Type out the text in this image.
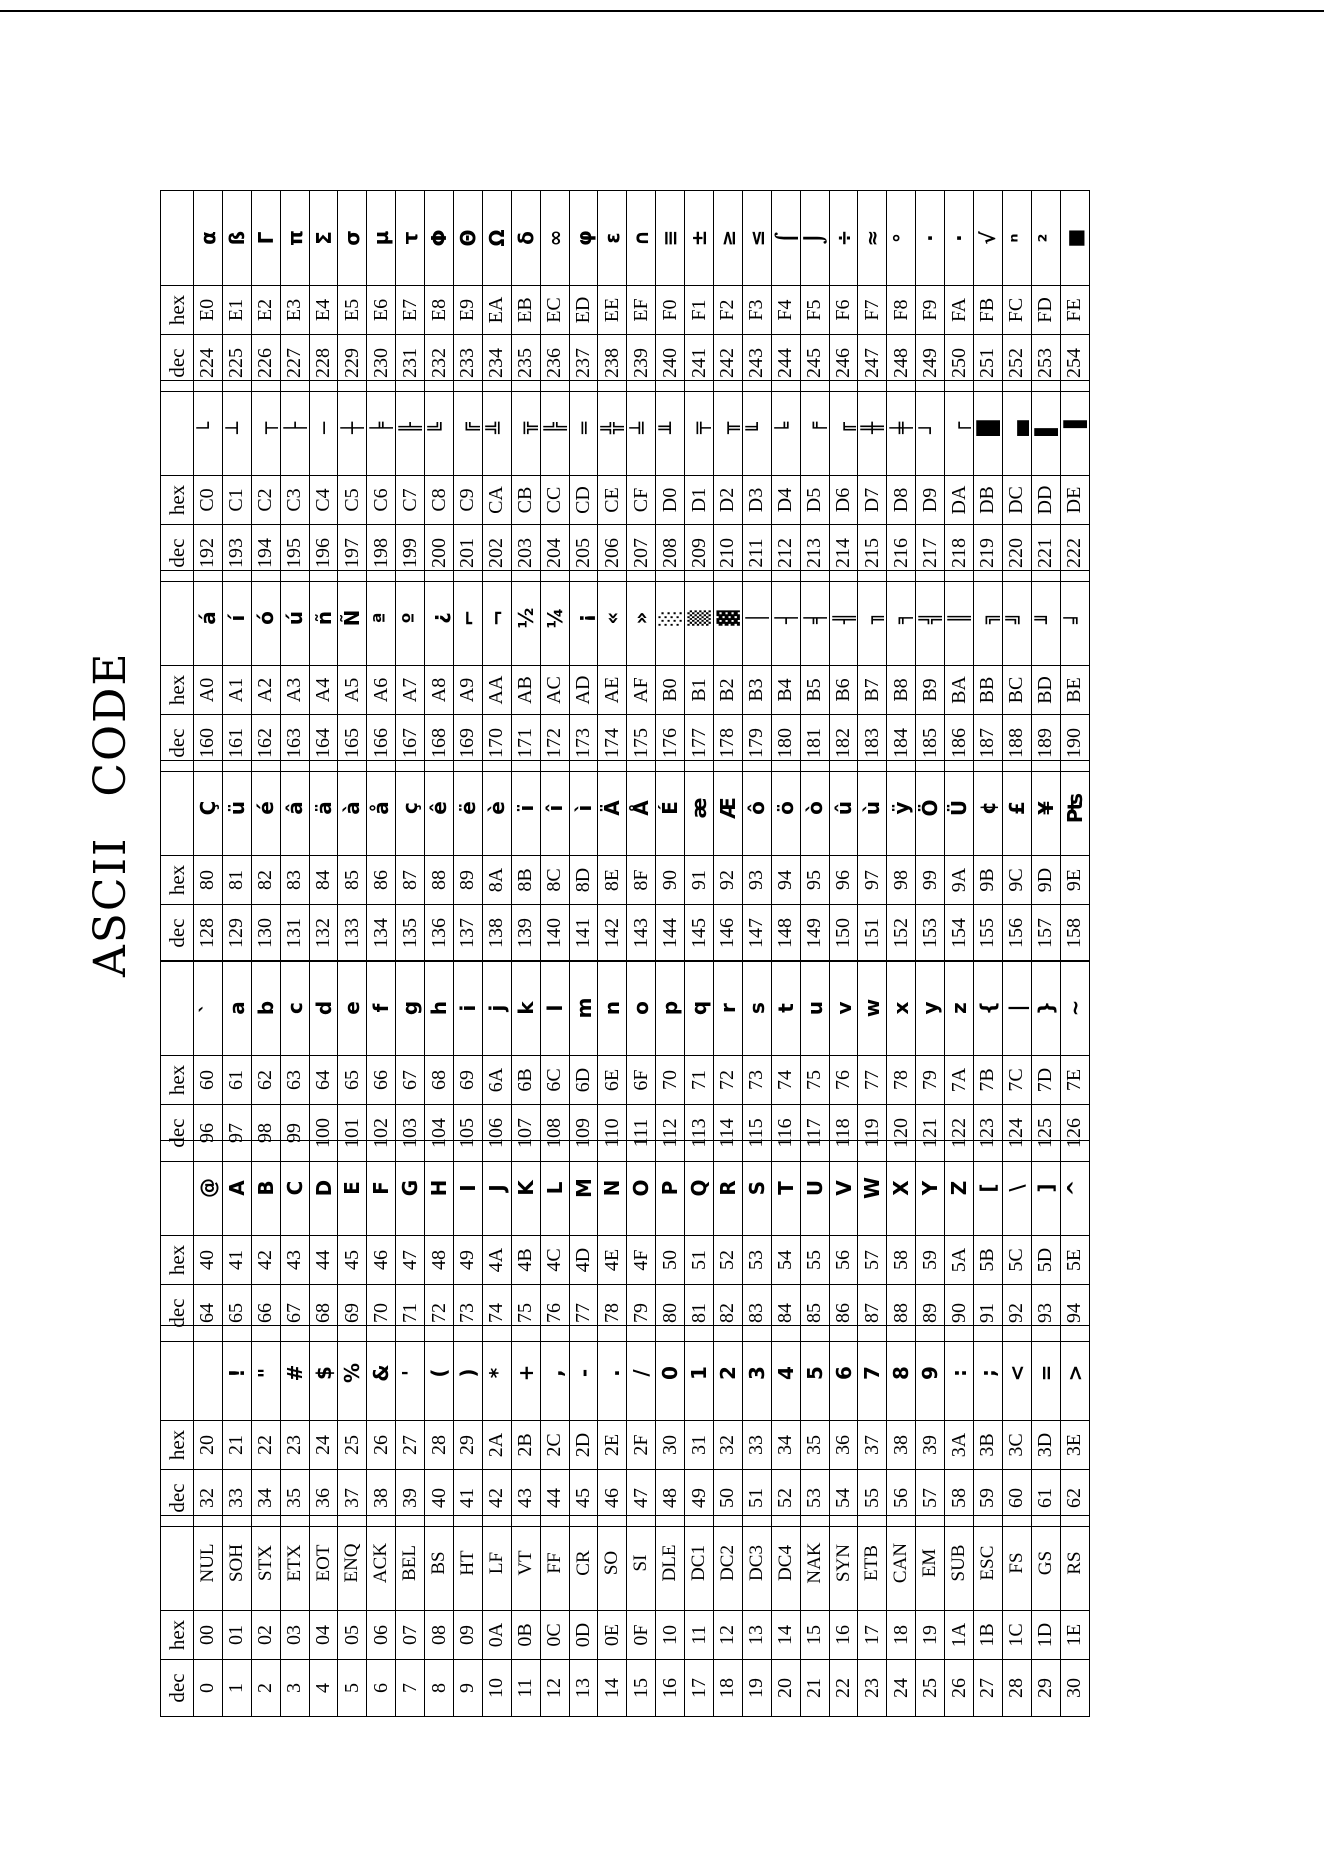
ASCIICODE
dec	hex	
0	00	NUL
1	01	SOH
2	02	STX
3	03	ETX
4	04	EOT
5	05	ENQ
6	06	ACK
7	07	BEL
8	08	BS
9	09	HT
10	0A	LF
11	0B	VT
12	0C	FF
13	0D	CR
14	0E	SO
15	0F	SI
16	10	DLE
17	11	DC1
18	12	DC2
19	13	DC3
20	14	DC4
21	15	NAK
22	16	SYN
23	17	ETB
24	18	CAN
25	19	EM
26	1A	SUB
27	1B	ESC
28	1C	FS
29	1D	GS
30	1E	RS
dec	hex	
32	20	
33	21	!
34	22	"
35	23	#
36	24	$
37	25	%
38	26	&
39	27	'
40	28	(
41	29	)
42	2A	*
43	2B	+
44	2C	,
45	2D	-
46	2E	.
47	2F	/
48	30	0
49	31	1
50	32	2
51	33	3
52	34	4
53	35	5
54	36	6
55	37	7
56	38	8
57	39	9
58	3A	:
59	3B	;
60	3C	<
61	3D	=
62	3E	>
dec	hex	
64	40	@
65	41	A
66	42	B
67	43	C
68	44	D
69	45	E
70	46	F
71	47	G
72	48	H
73	49	I
74	4A	J
75	4B	K
76	4C	L
77	4D	M
78	4E	N
79	4F	O
80	50	P
81	51	Q
82	52	R
83	53	S
84	54	T
85	55	U
86	56	V
87	57	W
88	58	X
89	59	Y
90	5A	Z
91	5B	[
92	5C	\
93	5D	]
94	5E	^
dec	hex	
96	60	`
97	61	a
98	62	b
99	63	c
100	64	d
101	65	e
102	66	f
103	67	g
104	68	h
105	69	i
106	6A	j
107	6B	k
108	6C	l
109	6D	m
110	6E	n
111	6F	o
112	70	p
113	71	q
114	72	r
115	73	s
116	74	t
117	75	u
118	76	v
119	77	w
120	78	x
121	79	y
122	7A	z
123	7B	{
124	7C	|
125	7D	}
126	7E	~
dec	hex	
128	80	Ç
129	81	ü
130	82	é
131	83	â
132	84	ä
133	85	à
134	86	å
135	87	ç
136	88	ê
137	89	ë
138	8A	è
139	8B	ï
140	8C	î
141	8D	ì
142	8E	Ä
143	8F	Å
144	90	É
145	91	æ
146	92	Æ
147	93	ô
148	94	ö
149	95	ò
150	96	û
151	97	ù
152	98	ÿ
153	99	Ö
154	9A	Ü
155	9B	¢
156	9C	£
157	9D	¥
158	9E	₧
dec	hex	
160	A0	á
161	A1	í
162	A2	ó
163	A3	ú
164	A4	ñ
165	A5	Ñ
166	A6	ª
167	A7	º
168	A8	¿
169	A9	⌐
170	AA	¬
171	AB	½
172	AC	¼
173	AD	¡
174	AE	«
175	AF	»
176	B0	░
177	B1	▒
178	B2	▓
179	B3	│
180	B4	┤
181	B5	╡
182	B6	╢
183	B7	╖
184	B8	╕
185	B9	╣
186	BA	║
187	BB	╗
188	BC	╝
189	BD	╜
190	BE	╛
dec	hex	
192	C0	└
193	C1	┴
194	C2	┬
195	C3	├
196	C4	─
197	C5	┼
198	C6	╞
199	C7	╟
200	C8	╚
201	C9	╔
202	CA	╩
203	CB	╦
204	CC	╠
205	CD	═
206	CE	╬
207	CF	╧
208	D0	╨
209	D1	╤
210	D2	╥
211	D3	╙
212	D4	╘
213	D5	╒
214	D6	╓
215	D7	╫
216	D8	╪
217	D9	┘
218	DA	┌
219	DB	█
220	DC	▄
221	DD	▌
222	DE	▐
dec	hex	
224	E0	α
225	E1	ß
226	E2	Γ
227	E3	π
228	E4	Σ
229	E5	σ
230	E6	µ
231	E7	τ
232	E8	Φ
233	E9	Θ
234	EA	Ω
235	EB	δ
236	EC	∞
237	ED	φ
238	EE	ε
239	EF	∩
240	F0	≡
241	F1	±
242	F2	≥
243	F3	≤
244	F4	⌠
245	F5	⌡
246	F6	÷
247	F7	≈
248	F8	°
249	F9	∙
250	FA	·
251	FB	√
252	FC	ⁿ
253	FD	²
254	FE	■
